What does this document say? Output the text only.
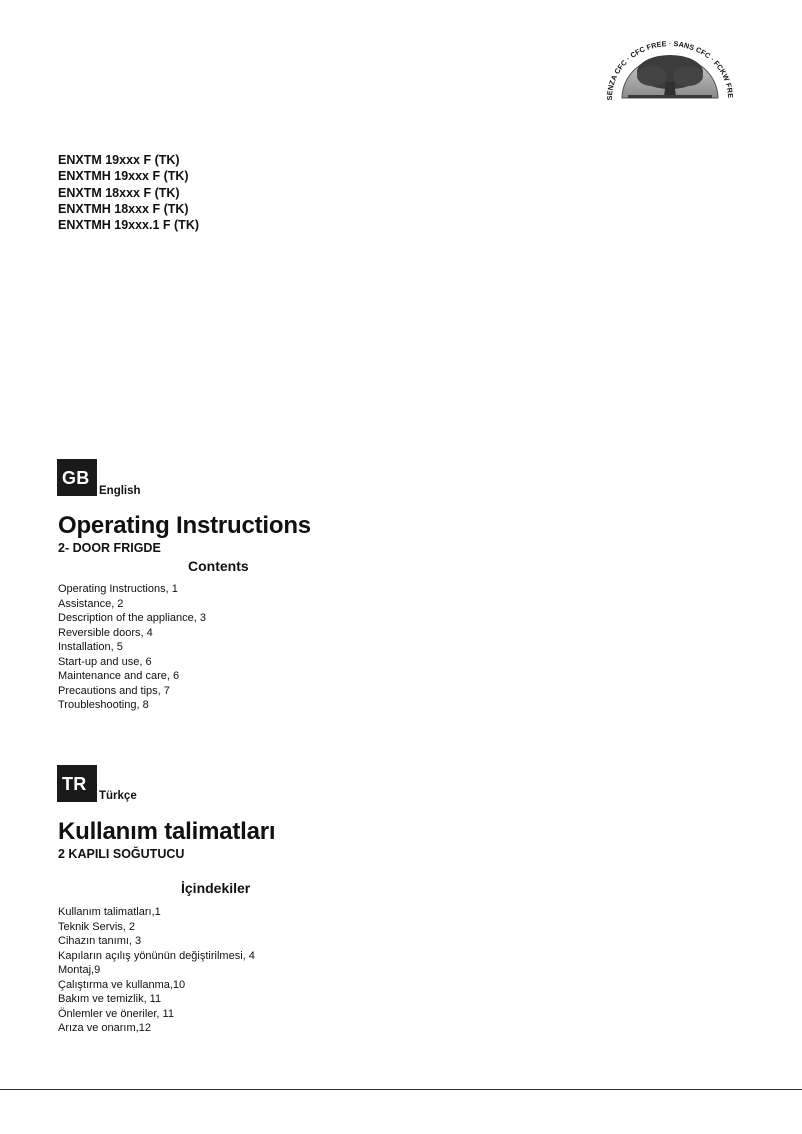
NZA CFC · CFC FREE · SANS CFC · FCKW FR
ENXTM 19xxx F (TK)
ENXTMH 19xxx F (TK)
ENXTM 18xxx F (TK)
ENXTMH 18xxx F (TK)
ENXTMH 19xxx.1 F (TK)
GB
English
Operating Instructions
2- DOOR FRIGDE
Contents
Operating Instructions, 1
Assistance, 2
Description of the appliance, 3
Reversible doors, 4
Installation, 5
Start-up and use, 6
Maintenance and care, 6
Precautions and tips, 7
Troubleshooting, 8
TR
Türkçe
Kullanım talimatları
2 KAPILI SOĞUTUCU
İçindekiler
Kullanım talimatları,1
Teknik Servis, 2
Cihazın tanımı, 3
Kapıların açılış yönünün değiştirilmesi, 4
Montaj,9
Çalıştırma ve kullanma,10
Bakım ve temizlik, 11
Önlemler ve öneriler, 11
Arıza ve onarım,12
